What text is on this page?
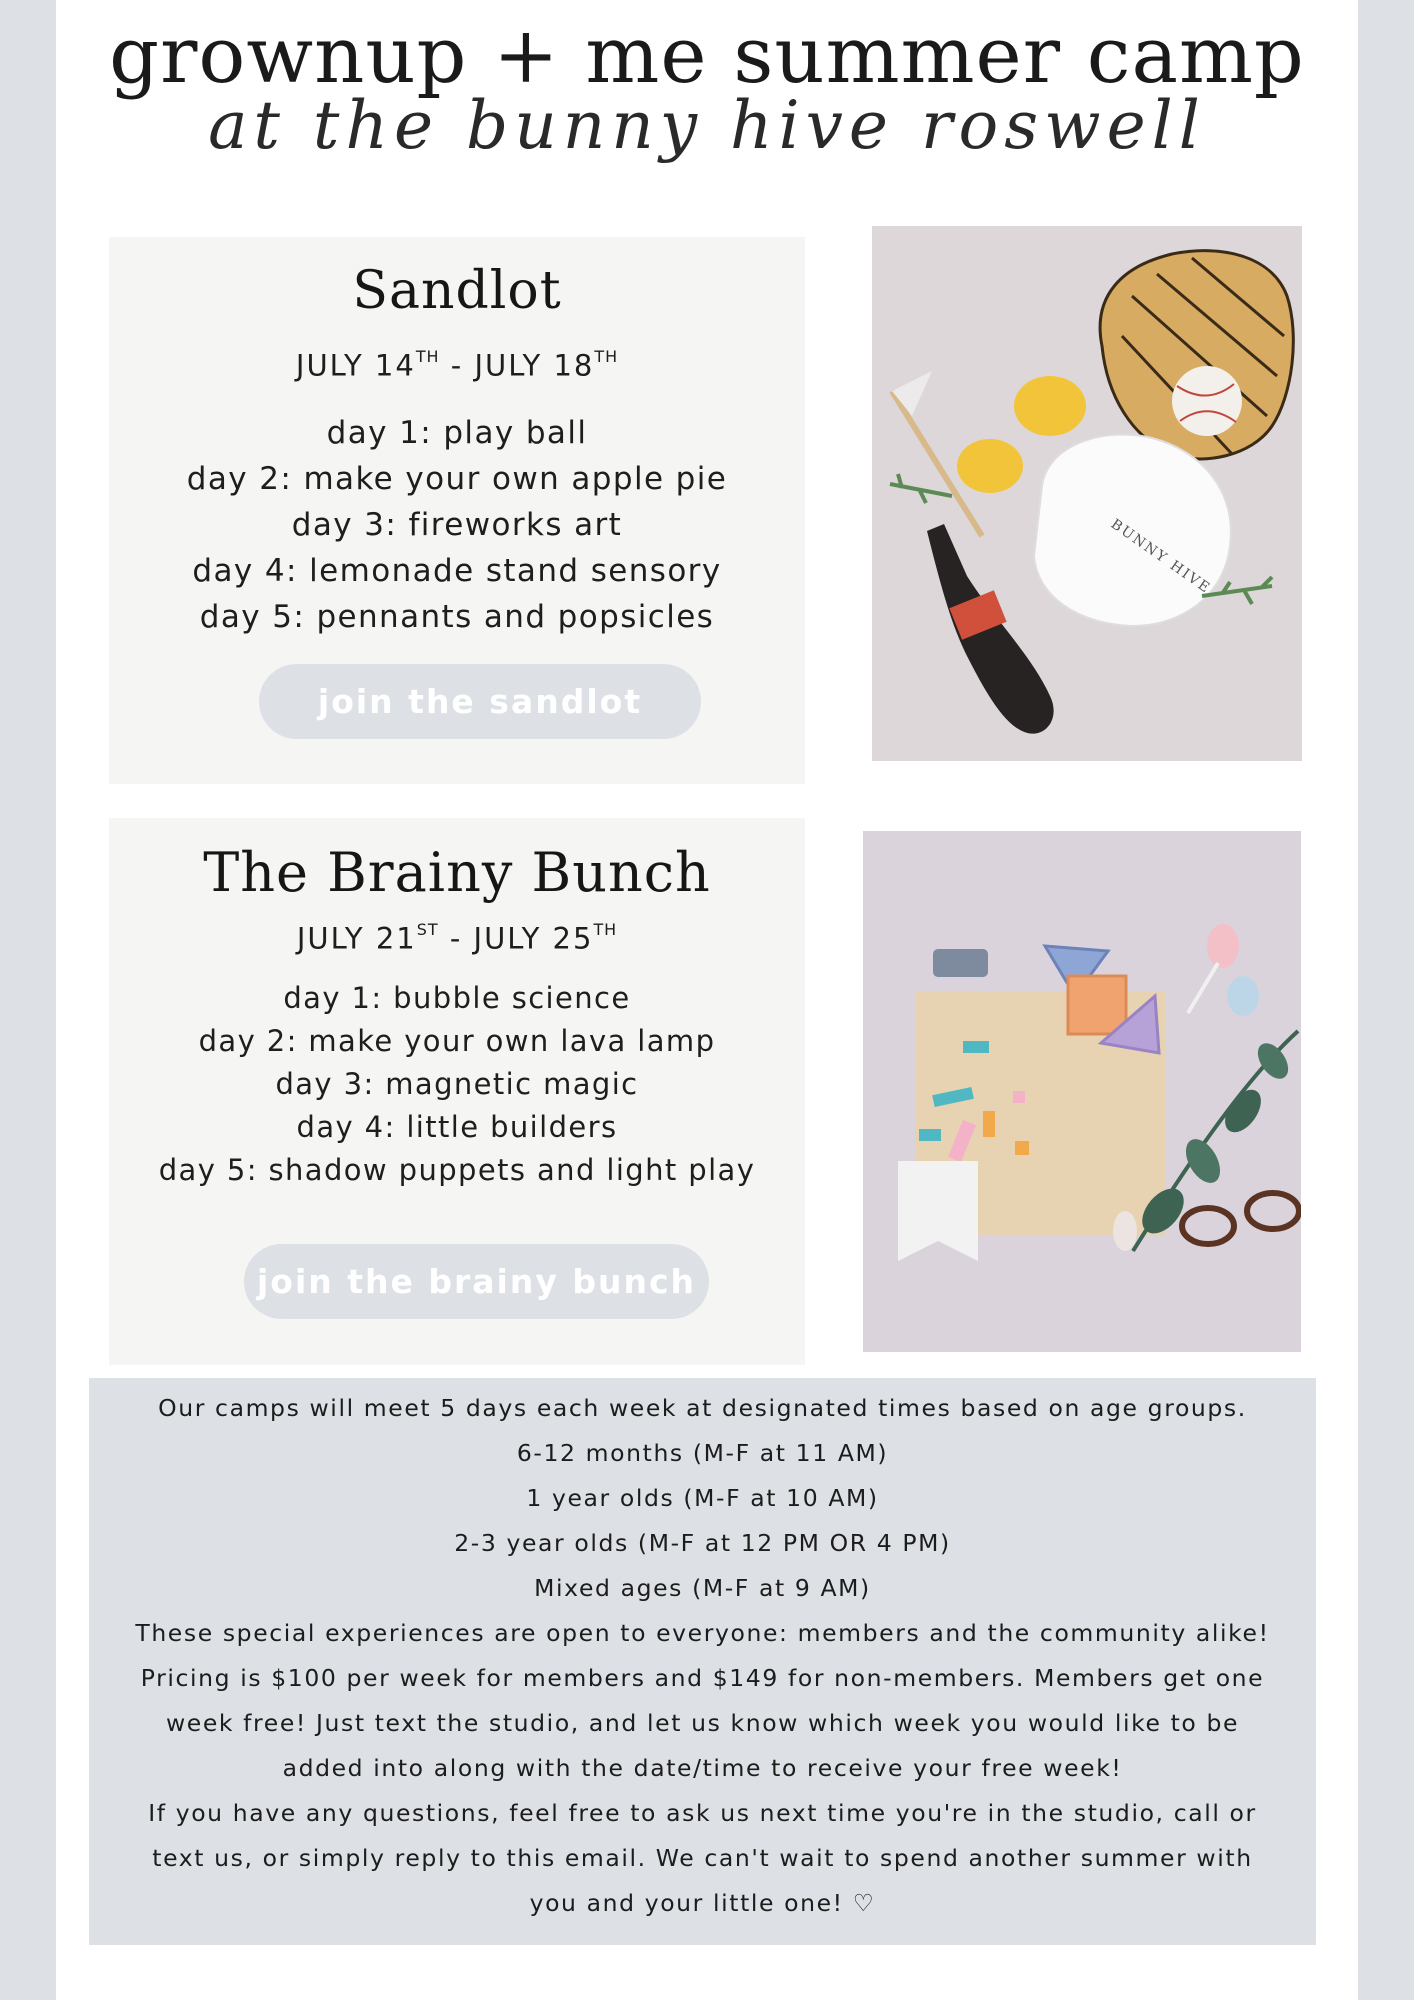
grownup + me summer camp
at the bunny hive roswell
Sandlot

JULY 14TH - JULY 18TH

day 1: play ball
day 2: make your own apple pie
day 3: fireworks art
day 4: lemonade stand sensory
day 5: pennants and popsicles
join the sandlot
BUNNY HIVE
The Brainy Bunch

JULY 21ST - JULY 25TH

day 1: bubble science
day 2: make your own lava lamp
day 3: magnetic magic
day 4: little builders
day 5: shadow puppets and light play
join the brainy bunch

Our camps will meet 5 days each week at designated times based on age groups.

6-12 months (M-F at 11 AM)

1 year olds (M-F at 10 AM)

2-3 year olds (M-F at 12 PM OR 4 PM)

Mixed ages (M-F at 9 AM)

These special experiences are open to everyone: members and the community alike!

Pricing is $100 per week for members and $149 for non-members. Members get one

week free! Just text the studio, and let us know which week you would like to be

added into along with the date/time to receive your free week!

If you have any questions, feel free to ask us next time you're in the studio, call or

text us, or simply reply to this email. We can't wait to spend another summer with

you and your little one! ♡
